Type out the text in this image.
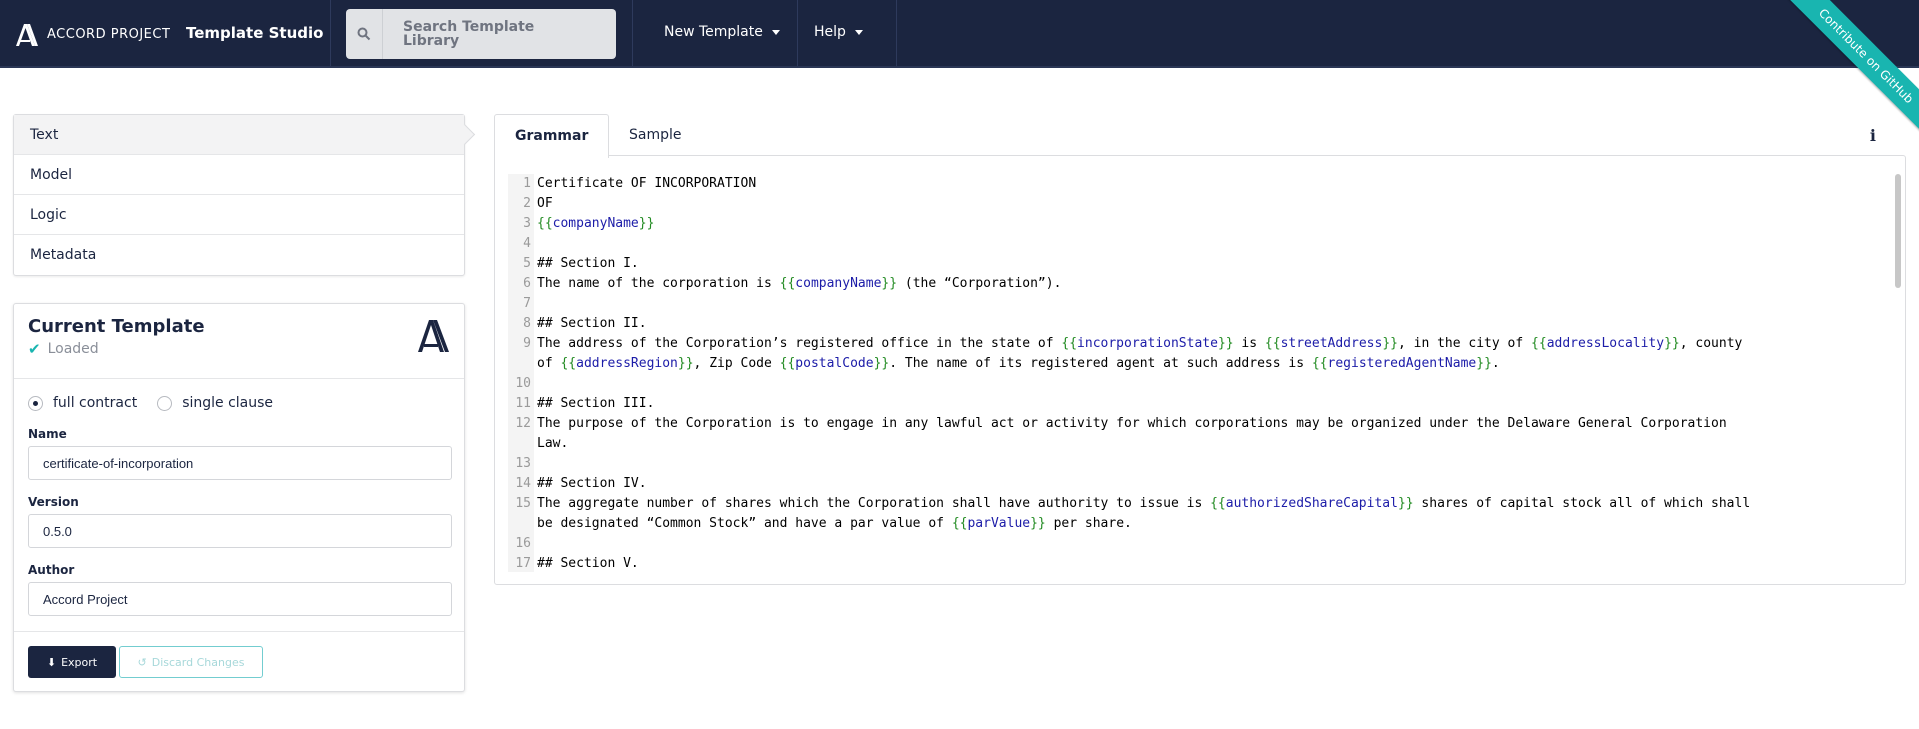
ACCORD PROJECT Template Studio	Search Template Library
New Template	Help	Contribute on GitHub
Text
Model
Logic
Metadata
Current Template
✔ Loaded
full contract	single clause
Name
certificate-of-incorporation
Version
0.5.0
Author
Accord Project
⬇ Export	↺ Discard Changes
Grammar	Sample	i
1 Certificate OF INCORPORATION
2 OF
3 {{companyName}}
4
5 ## Section I.
6 The name of the corporation is {{companyName}} (the “Corporation”).
7
8 ## Section II.
9 The address of the Corporation’s registered office in the state of {{incorporationState}} is {{streetAddress}}, in the city of {{addressLocality}}, county
of {{addressRegion}}, Zip Code {{postalCode}}. The name of its registered agent at such address is {{registeredAgentName}}.
10
11 ## Section III.
12 The purpose of the Corporation is to engage in any lawful act or activity for which corporations may be organized under the Delaware General Corporation
Law.
13
14 ## Section IV.
15 The aggregate number of shares which the Corporation shall have authority to issue is {{authorizedShareCapital}} shares of capital stock all of which shall
be designated “Common Stock” and have a par value of {{parValue}} per share.
16
17 ## Section V.
